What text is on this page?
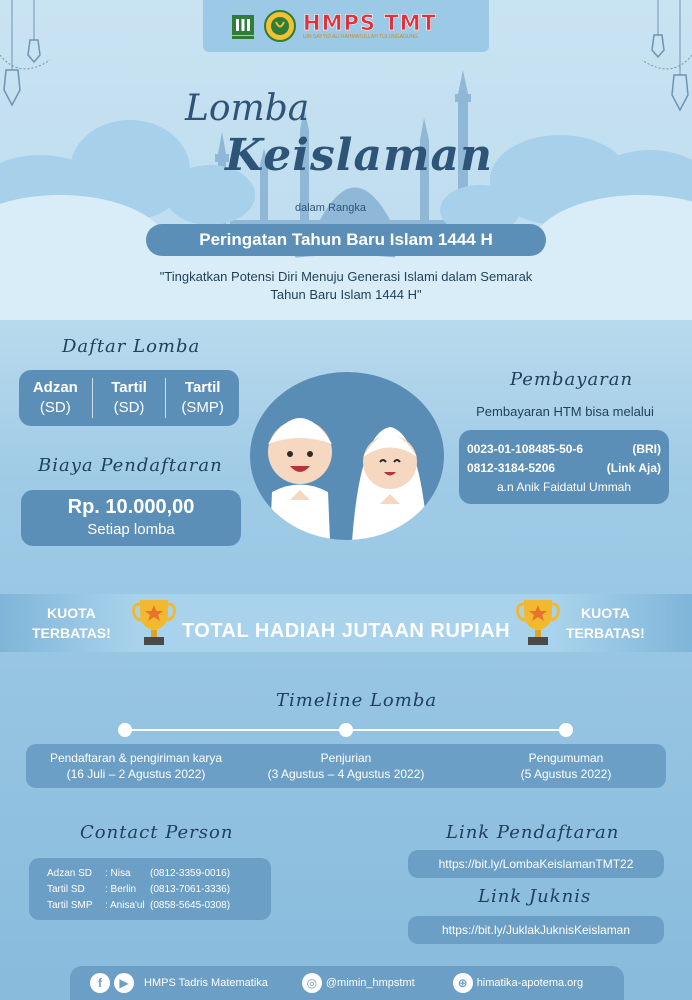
HMPS TMT
UIN SAYYID ALI RAHMATULLAH TULUNGAGUNG
Lomba
Keislaman
dalam Rangka
Peringatan Tahun Baru Islam 1444 H
"Tingkatkan Potensi Diri Menuju Generasi Islami dalam Semarak
Tahun Baru Islam 1444 H"
Daftar Lomba
Adzan
(SD)
Tartil
(SD)
Tartil
(SMP)
Biaya Pendaftaran
Rp. 10.000,00
Setiap lomba
Pembayaran
Pembayaran HTM bisa melalui
0023-01-108485-50-6	(BRI)
0812-3184-5206	(Link Aja)
a.n Anik Faidatul Ummah
KUOTA
TERBATAS!
KUOTA
TERBATAS!
TOTAL HADIAH JUTAAN RUPIAH
Timeline Lomba
Pendaftaran & pengiriman karya
(16 Juli – 2 Agustus 2022)
Penjurian
(3 Agustus – 4 Agustus 2022)
Pengumuman
(5 Agustus 2022)
Contact Person
Adzan SD	: Nisa	(0812-3359-0016)
Tartil SD	: Berlin	(0813-7061-3336)
Tartil SMP	: Anisa'ul (0858-5645-0308)
Link Pendaftaran
https://bit.ly/LombaKeislamanTMT22
Link Juknis
https://bit.ly/JuklakJuknisKeislaman
f	▶	HMPS Tadris Matematika	◎ @mimin_hmpstmt	⊕ himatika-apotema.org
